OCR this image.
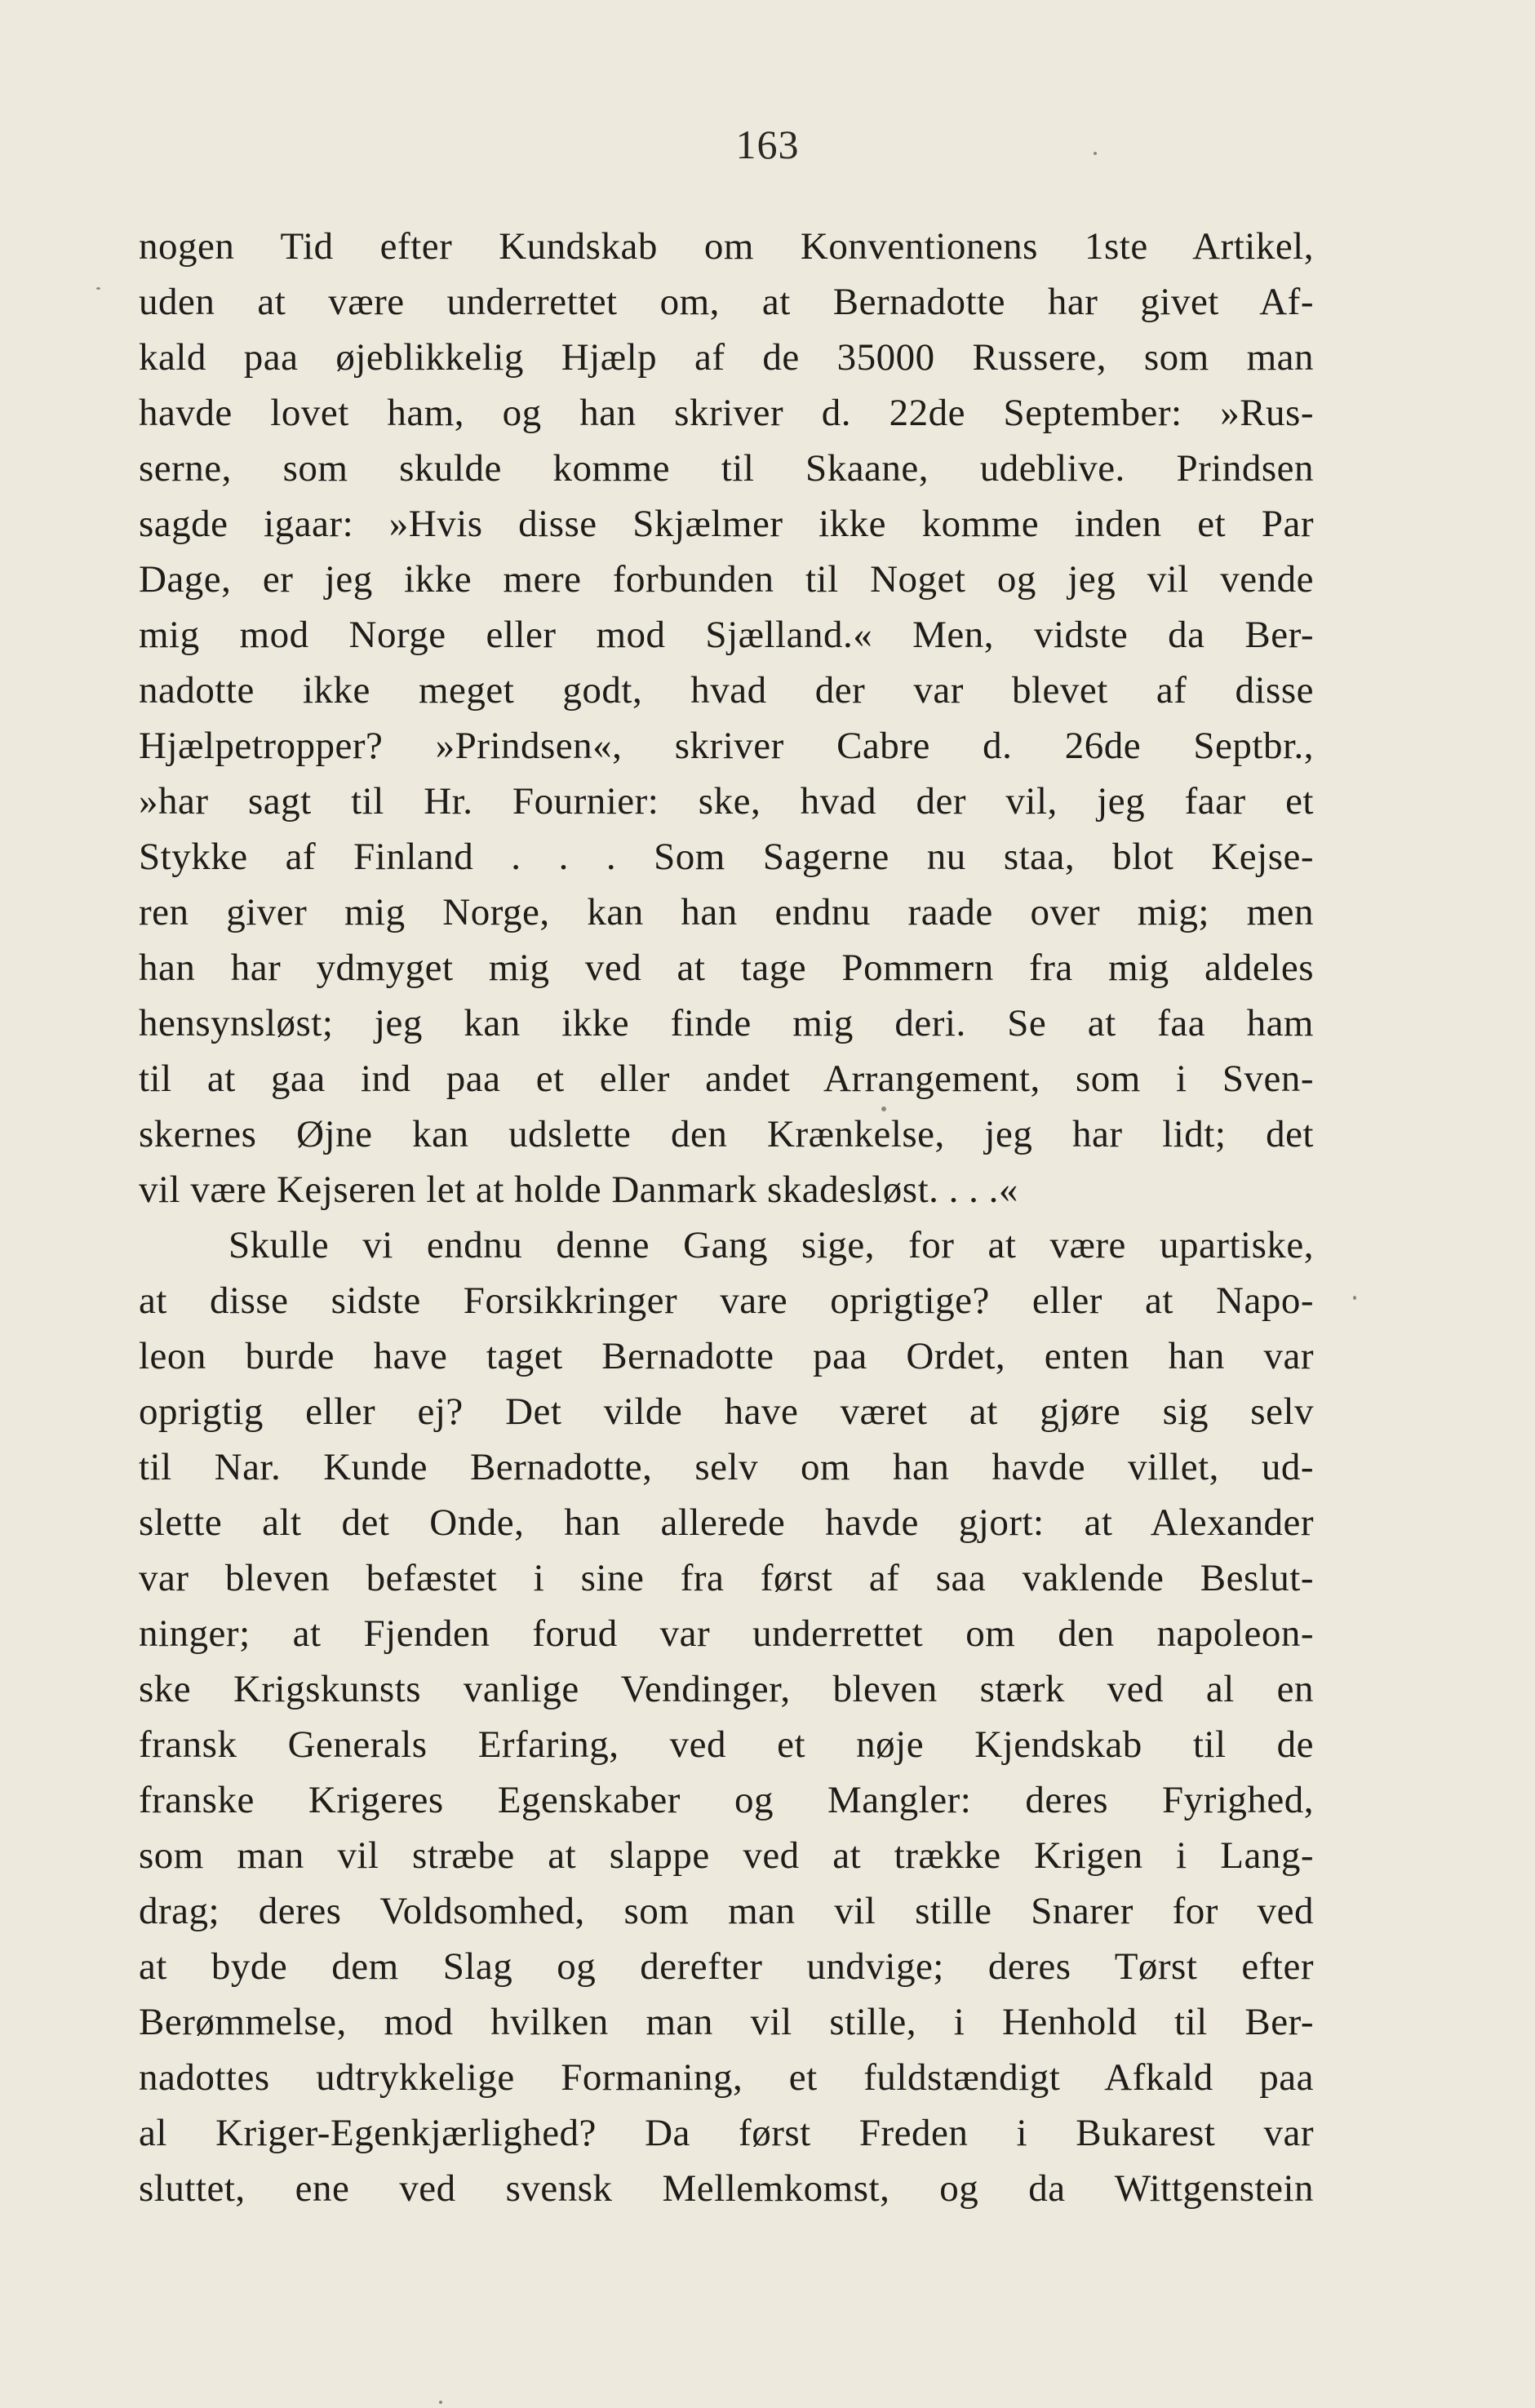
163
nogen Tid efter Kundskab om Konventionens 1ste Artikel,
uden at være underrettet om, at Bernadotte har givet Af-
kald paa øjeblikkelig Hjælp af de 35000 Russere, som man
havde lovet ham, og han skriver d. 22de September: »Rus-
serne, som skulde komme til Skaane, udeblive. Prindsen
sagde igaar: »Hvis disse Skjælmer ikke komme inden et Par
Dage, er jeg ikke mere forbunden til Noget og jeg vil vende
mig mod Norge eller mod Sjælland.« Men, vidste da Ber-
nadotte ikke meget godt, hvad der var blevet af disse
Hjælpetropper? »Prindsen«, skriver Cabre d. 26de Septbr.,
»har sagt til Hr. Fournier: ske, hvad der vil, jeg faar et
Stykke af Finland . . . Som Sagerne nu staa, blot Kejse-
ren giver mig Norge, kan han endnu raade over mig; men
han har ydmyget mig ved at tage Pommern fra mig aldeles
hensynsløst; jeg kan ikke finde mig deri. Se at faa ham
til at gaa ind paa et eller andet Arrangement, som i Sven-
skernes Øjne kan udslette den Krænkelse, jeg har lidt; det
vil være Kejseren let at holde Danmark skadesløst. . . .«
Skulle vi endnu denne Gang sige, for at være upartiske,
at disse sidste Forsikkringer vare oprigtige? eller at Napo-
leon burde have taget Bernadotte paa Ordet, enten han var
oprigtig eller ej? Det vilde have været at gjøre sig selv
til Nar. Kunde Bernadotte, selv om han havde villet, ud-
slette alt det Onde, han allerede havde gjort: at Alexander
var bleven befæstet i sine fra først af saa vaklende Beslut-
ninger; at Fjenden forud var underrettet om den napoleon-
ske Krigskunsts vanlige Vendinger, bleven stærk ved al en
fransk Generals Erfaring, ved et nøje Kjendskab til de
franske Krigeres Egenskaber og Mangler: deres Fyrighed,
som man vil stræbe at slappe ved at trække Krigen i Lang-
drag; deres Voldsomhed, som man vil stille Snarer for ved
at byde dem Slag og derefter undvige; deres Tørst efter
Berømmelse, mod hvilken man vil stille, i Henhold til Ber-
nadottes udtrykkelige Formaning, et fuldstændigt Afkald paa
al Kriger-Egenkjærlighed? Da først Freden i Bukarest var
sluttet, ene ved svensk Mellemkomst, og da Wittgenstein
